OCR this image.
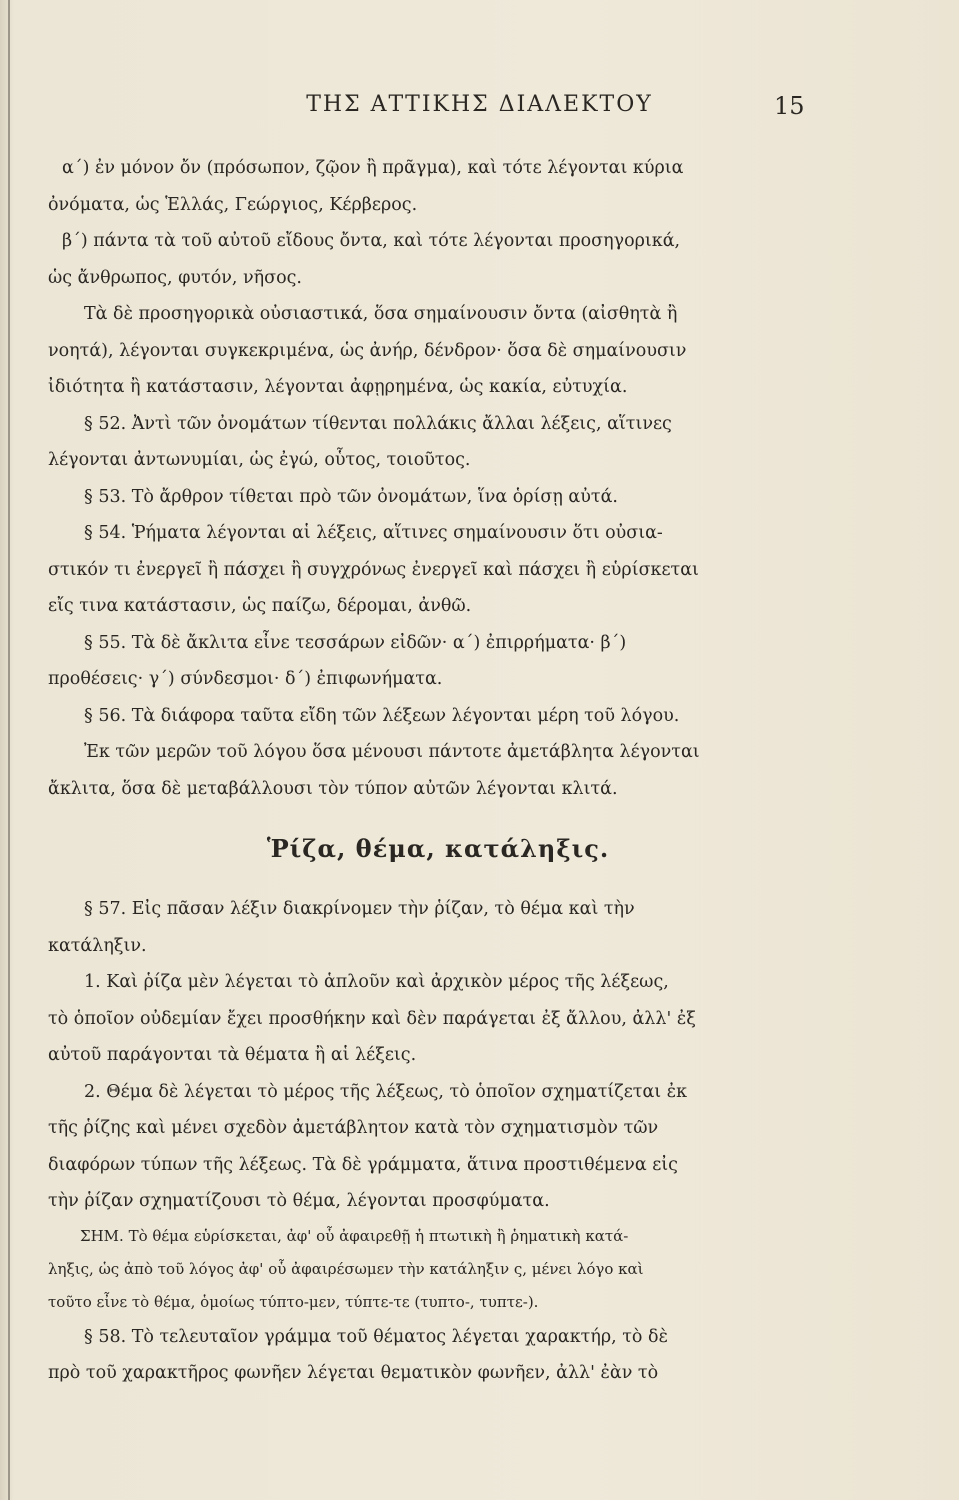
ΤΗΣ ΑΤΤΙΚΗΣ ΔΙΑΛΕΚΤΟΥ	15
α΄) ἐν μόνον ὄν (πρόσωπον, ζῷον ἢ πρᾶγμα), καὶ τότε λέγονται κύρια
ὀνόματα, ὡς Ἑλλάς, Γεώργιος, Κέρβερος.
β΄) πάντα τὰ τοῦ αὐτοῦ εἴδους ὄντα, καὶ τότε λέγονται προσηγορικά,
ὡς ἄνθρωπος, φυτόν, νῆσος.
Τὰ δὲ προσηγορικὰ οὐσιαστικά, ὅσα σημαίνουσιν ὄντα (αἰσθητὰ ἢ
νοητά), λέγονται συγκεκριμένα, ὡς ἀνήρ, δένδρον· ὅσα δὲ σημαίνουσιν
ἰδιότητα ἢ κατάστασιν, λέγονται ἀφῃρημένα, ὡς κακία, εὐτυχία.
§ 52. Ἀντὶ τῶν ὀνομάτων τίθενται πολλάκις ἄλλαι λέξεις, αἵτινες
λέγονται ἀντωνυμίαι, ὡς ἐγώ, οὗτος, τοιοῦτος.
§ 53. Τὸ ἄρθρον τίθεται πρὸ τῶν ὀνομάτων, ἵνα ὁρίσῃ αὐτά.
§ 54. Ῥήματα λέγονται αἱ λέξεις, αἵτινες σημαίνουσιν ὅτι οὐσια-
στικόν τι ἐνεργεῖ ἢ πάσχει ἢ συγχρόνως ἐνεργεῖ καὶ πάσχει ἢ εὑρίσκεται
εἴς τινα κατάστασιν, ὡς παίζω, δέρομαι, ἀνθῶ.
§ 55. Τὰ δὲ ἄκλιτα εἶνε τεσσάρων εἰδῶν· α΄) ἐπιρρήματα· β΄)
προθέσεις· γ΄) σύνδεσμοι· δ΄) ἐπιφωνήματα.
§ 56. Τὰ διάφορα ταῦτα εἴδη τῶν λέξεων λέγονται μέρη τοῦ λόγου.
Ἐκ τῶν μερῶν τοῦ λόγου ὅσα μένουσι πάντοτε ἀμετάβλητα λέγονται
ἄκλιτα, ὅσα δὲ μεταβάλλουσι τὸν τύπον αὐτῶν λέγονται κλιτά.
Ῥίζα, θέμα, κατάληξις.
§ 57. Εἰς πᾶσαν λέξιν διακρίνομεν τὴν ῥίζαν, τὸ θέμα καὶ τὴν
κατάληξιν.
1. Καὶ ῥίζα μὲν λέγεται τὸ ἁπλοῦν καὶ ἀρχικὸν μέρος τῆς λέξεως,
τὸ ὁποῖον οὐδεμίαν ἔχει προσθήκην καὶ δὲν παράγεται ἐξ ἄλλου, ἀλλ' ἐξ
αὐτοῦ παράγονται τὰ θέματα ἢ αἱ λέξεις.
2. Θέμα δὲ λέγεται τὸ μέρος τῆς λέξεως, τὸ ὁποῖον σχηματίζεται ἐκ
τῆς ῥίζης καὶ μένει σχεδὸν ἀμετάβλητον κατὰ τὸν σχηματισμὸν τῶν
διαφόρων τύπων τῆς λέξεως. Τὰ δὲ γράμματα, ἅτινα προστιθέμενα εἰς
τὴν ῥίζαν σχηματίζουσι τὸ θέμα, λέγονται προσφύματα.
ΣΗΜ. Τὸ θέμα εὑρίσκεται, ἀφ' οὗ ἀφαιρεθῇ ἡ πτωτικὴ ἢ ῥηματικὴ κατά-
ληξις, ὡς ἀπὸ τοῦ λόγος ἀφ' οὗ ἀφαιρέσωμεν τὴν κατάληξιν ς, μένει λόγο καὶ
τοῦτο εἶνε τὸ θέμα, ὁμοίως τύπτο-μεν, τύπτε-τε (τυπτο-, τυπτε-).
§ 58. Τὸ τελευταῖον γράμμα τοῦ θέματος λέγεται χαρακτήρ, τὸ δὲ
πρὸ τοῦ χαρακτῆρος φωνῆεν λέγεται θεματικὸν φωνῆεν, ἀλλ' ἐὰν τὸ
